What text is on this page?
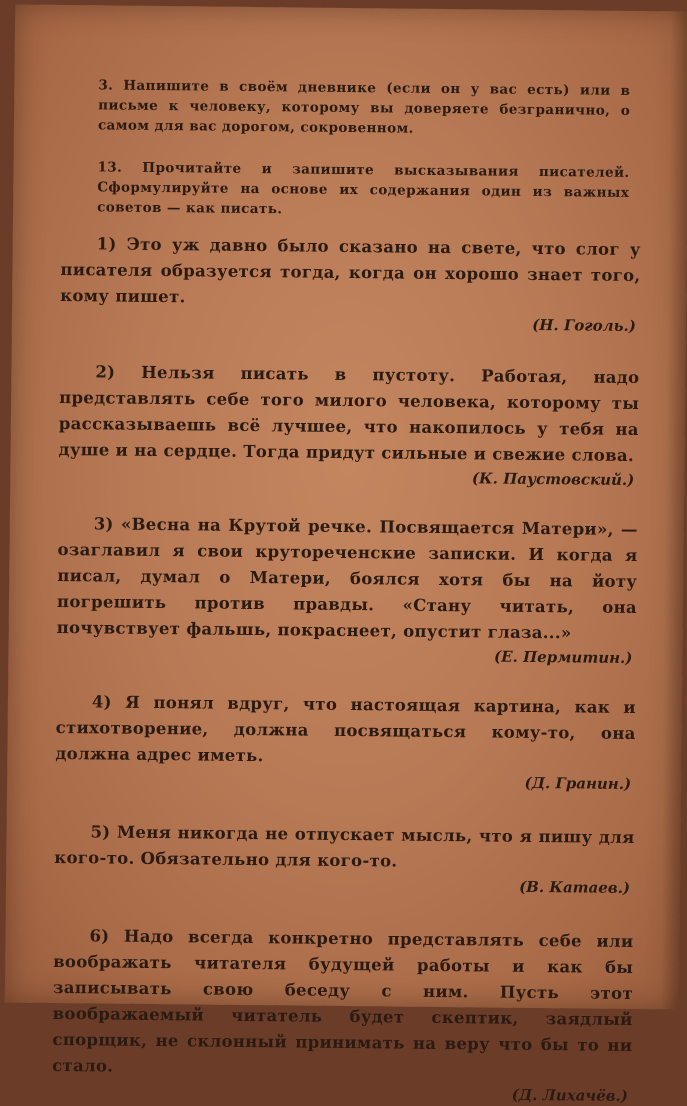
3. Напишите в своём дневнике (если он у вас есть) или в письме к человеку, которому вы доверяете безгранично, о самом для вас дорогом, сокровенном.
13. Прочитайте и запишите высказывания писателей. Сформулируйте на основе их содержания один из важных советов — как писать.
1) Это уж давно было сказано на свете, что слог у писателя образуется тогда, когда он хорошо знает того, кому пишет.
(Н. Гоголь.)
2) Нельзя писать в пустоту. Работая, надо представлять себе того милого человека, которому ты рассказываешь всё лучшее, что накопилось у тебя на душе и на сердце. Тогда придут сильные и свежие слова.
(К. Паустовский.)
3) «Весна на Крутой речке. Посвящается Матери», — озаглавил я свои крутореченские записки. И когда я писал, думал о Матери, боялся хотя бы на йоту погрешить против правды. «Стану читать, она почувствует фальшь, покраснеет, опустит глаза...»
(Е. Пермитин.)
4) Я понял вдруг, что настоящая картина, как и стихотворение, должна посвящаться кому-то, она должна адрес иметь.
(Д. Гранин.)
5) Меня никогда не отпускает мысль, что я пишу для кого-то. Обязательно для кого-то.
(В. Катаев.)
6) Надо всегда конкретно представлять себе или воображать читателя будущей работы и как бы записывать свою беседу с ним. Пусть этот воображаемый читатель будет скептик, заядлый спорщик, не склонный принимать на веру что бы то ни стало.
(Д. Лихачёв.)
